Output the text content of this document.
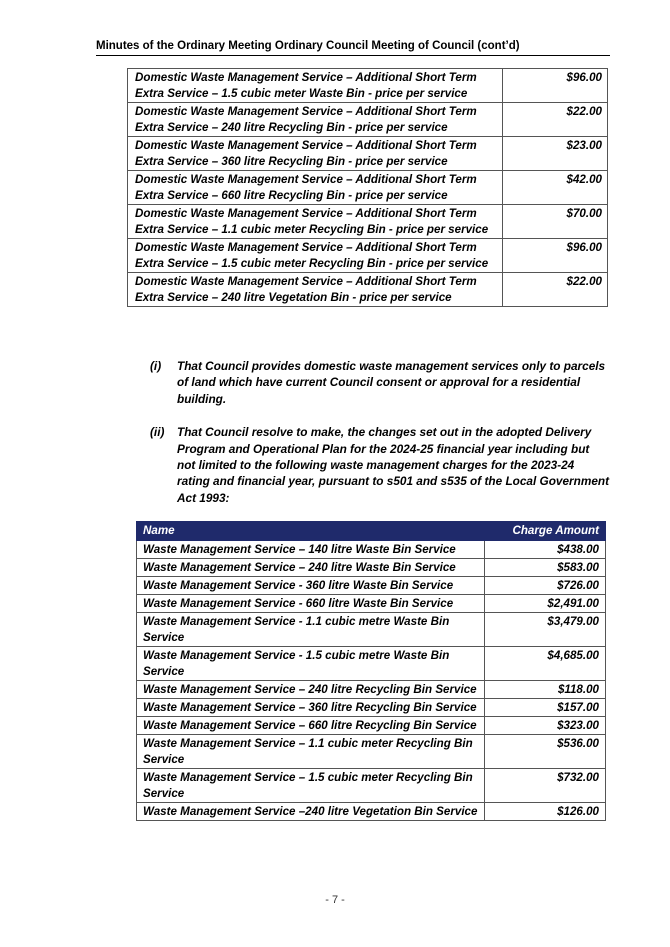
Minutes of the Ordinary Meeting Ordinary Council Meeting of Council (cont’d)
Domestic Waste Management Service – Additional Short Term Extra Service – 1.5 cubic meter Waste Bin - price per service	$96.00
Domestic Waste Management Service – Additional Short Term Extra Service – 240 litre Recycling Bin - price per service	$22.00
Domestic Waste Management Service – Additional Short Term Extra Service – 360 litre Recycling Bin - price per service	$23.00
Domestic Waste Management Service – Additional Short Term Extra Service – 660 litre Recycling Bin - price per service	$42.00
Domestic Waste Management Service – Additional Short Term Extra Service – 1.1 cubic meter Recycling Bin - price per service	$70.00
Domestic Waste Management Service – Additional Short Term Extra Service – 1.5 cubic meter Recycling Bin - price per service	$96.00
Domestic Waste Management Service – Additional Short Term Extra Service – 240 litre Vegetation Bin - price per service	$22.00
(i) That Council provides domestic waste management services only to parcels of land which have current Council consent or approval for a residential building.
(ii) That Council resolve to make, the changes set out in the adopted Delivery Program and Operational Plan for the 2024-25 financial year including but not limited to the following waste management charges for the 2023-24 rating and financial year, pursuant to s501 and s535 of the Local Government Act 1993:
Name	Charge Amount
Waste Management Service – 140 litre Waste Bin Service	$438.00
Waste Management Service – 240 litre Waste Bin Service	$583.00
Waste Management Service - 360 litre Waste Bin Service	$726.00
Waste Management Service - 660 litre Waste Bin Service	$2,491.00
Waste Management Service - 1.1 cubic metre Waste Bin Service	$3,479.00
Waste Management Service - 1.5 cubic metre Waste Bin Service	$4,685.00
Waste Management Service – 240 litre Recycling Bin Service	$118.00
Waste Management Service – 360 litre Recycling Bin Service	$157.00
Waste Management Service – 660 litre Recycling Bin Service	$323.00
Waste Management Service – 1.1 cubic meter Recycling Bin Service	$536.00
Waste Management Service – 1.5 cubic meter Recycling Bin Service	$732.00
Waste Management Service –240 litre Vegetation Bin Service	$126.00
- 7 -
